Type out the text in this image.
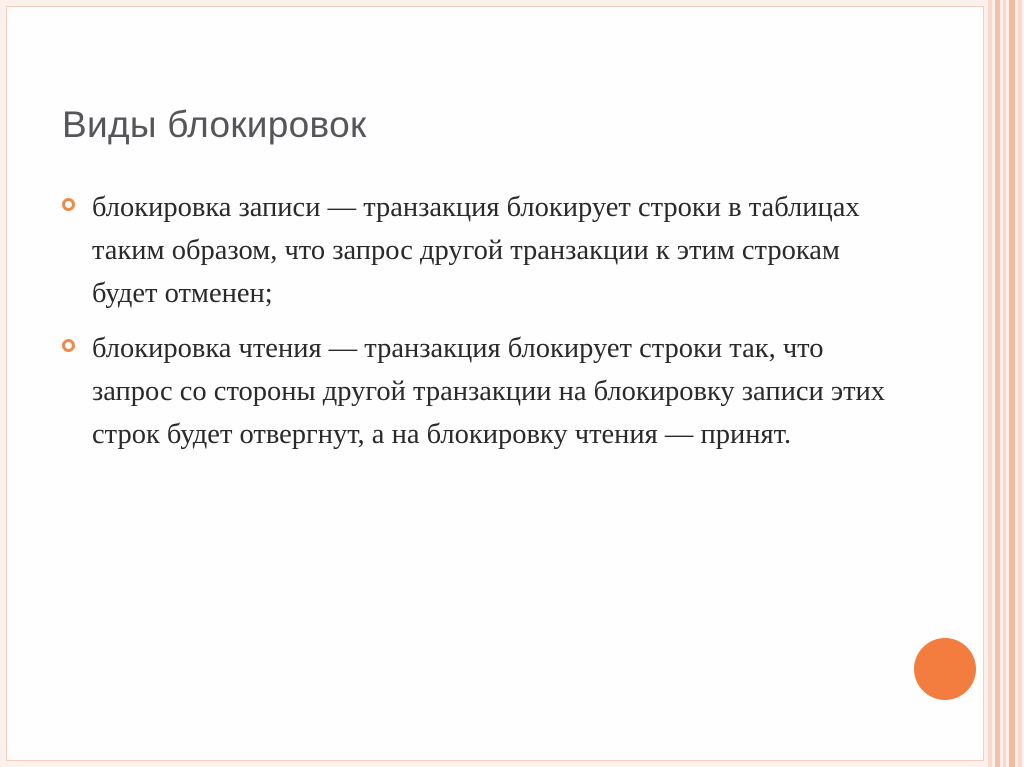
Виды блокировок
блокировка записи — транзакция блокирует строки в таблицах таким образом, что запрос другой транзакции к этим строкам будет отменен;
блокировка чтения — транзакция блокирует строки так, что запрос со стороны другой транзакции на блокировку записи этих строк будет отвергнут, а на блокировку чтения — принят.
